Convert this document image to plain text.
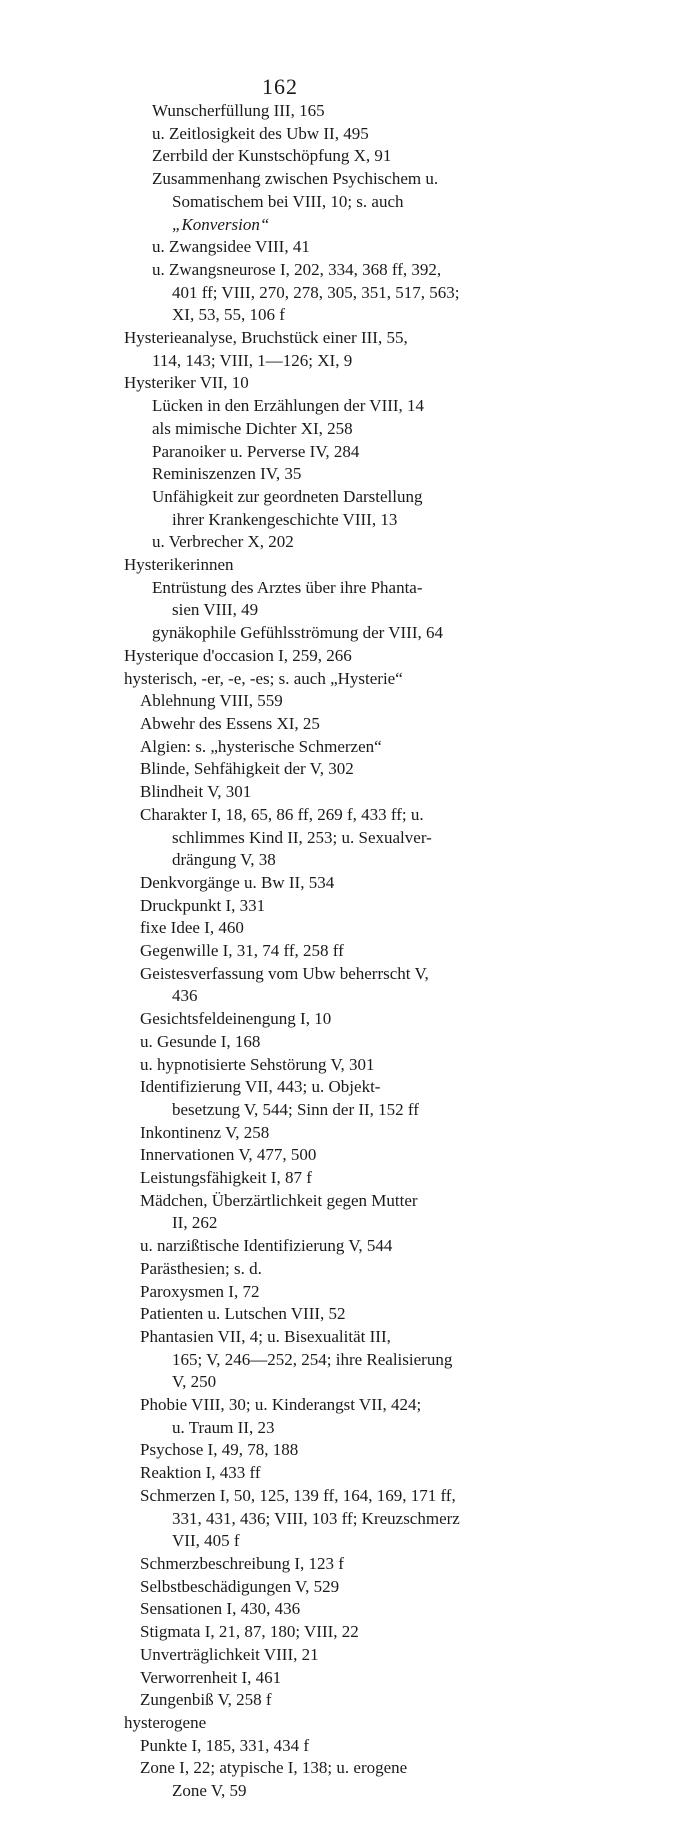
162
Wunscherfüllung III, 165
u. Zeitlosigkeit des Ubw II, 495
Zerrbild der Kunstschöpfung X, 91
Zusammenhang zwischen Psychischem u.
Somatischem bei VIII, 10; s. auch
„Konversion“
u. Zwangsidee VIII, 41
u. Zwangsneurose I, 202, 334, 368 ff, 392,
401 ff; VIII, 270, 278, 305, 351, 517, 563;
XI, 53, 55, 106 f
Hysterieanalyse, Bruchstück einer III, 55,
114, 143; VIII, 1—126; XI, 9
Hysteriker VII, 10
Lücken in den Erzählungen der VIII, 14
als mimische Dichter XI, 258
Paranoiker u. Perverse IV, 284
Reminiszenzen IV, 35
Unfähigkeit zur geordneten Darstellung
ihrer Krankengeschichte VIII, 13
u. Verbrecher X, 202
Hysterikerinnen
Entrüstung des Arztes über ihre Phanta-
sien VIII, 49
gynäkophile Gefühlsströmung der VIII, 64
Hysterique d'occasion I, 259, 266
hysterisch, -er, -e, -es; s. auch „Hysterie“
Ablehnung VIII, 559
Abwehr des Essens XI, 25
Algien: s. „hysterische Schmerzen“
Blinde, Sehfähigkeit der V, 302
Blindheit V, 301
Charakter I, 18, 65, 86 ff, 269 f, 433 ff; u.
schlimmes Kind II, 253; u. Sexualver-
drängung V, 38
Denkvorgänge u. Bw II, 534
Druckpunkt I, 331
fixe Idee I, 460
Gegenwille I, 31, 74 ff, 258 ff
Geistesverfassung vom Ubw beherrscht V,
436
Gesichtsfeldeinengung I, 10
u. Gesunde I, 168
u. hypnotisierte Sehstörung V, 301
Identifizierung VII, 443; u. Objekt-
besetzung V, 544; Sinn der II, 152 ff
Inkontinenz V, 258
Innervationen V, 477, 500
Leistungsfähigkeit I, 87 f
Mädchen, Überzärtlichkeit gegen Mutter
II, 262
u. narzißtische Identifizierung V, 544
Parästhesien; s. d.
Paroxysmen I, 72
Patienten u. Lutschen VIII, 52
Phantasien VII, 4; u. Bisexualität III,
165; V, 246—252, 254; ihre Realisierung
V, 250
Phobie VIII, 30; u. Kinderangst VII, 424;
u. Traum II, 23
Psychose I, 49, 78, 188
Reaktion I, 433 ff
Schmerzen I, 50, 125, 139 ff, 164, 169, 171 ff,
331, 431, 436; VIII, 103 ff; Kreuzschmerz
VII, 405 f
Schmerzbeschreibung I, 123 f
Selbstbeschädigungen V, 529
Sensationen I, 430, 436
Stigmata I, 21, 87, 180; VIII, 22
Unverträglichkeit VIII, 21
Verworrenheit I, 461
Zungenbiß V, 258 f
hysterogene
Punkte I, 185, 331, 434 f
Zone I, 22; atypische I, 138; u. erogene
Zone V, 59
